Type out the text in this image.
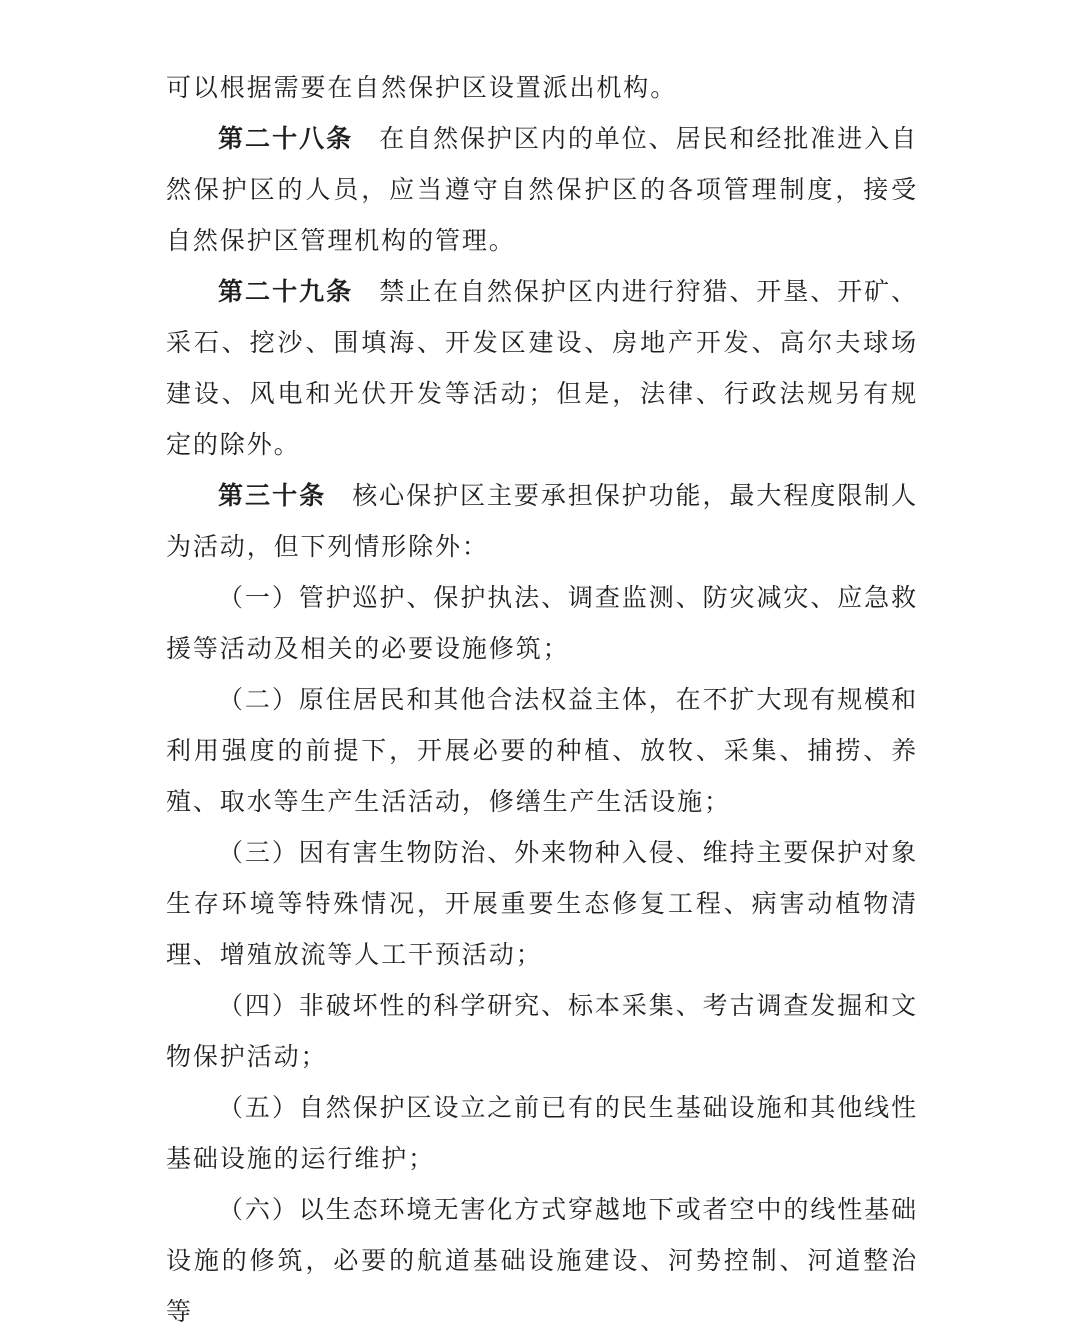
可以根据需要在自然保护区设置派出机构。

第二十八条 在自然保护区内的单位、居民和经批准进入自然保护区的人员，应当遵守自然保护区的各项管理制度，接受自然保护区管理机构的管理。

第二十九条 禁止在自然保护区内进行狩猎、开垦、开矿、采石、挖沙、围填海、开发区建设、房地产开发、高尔夫球场建设、风电和光伏开发等活动；但是，法律、行政法规另有规定的除外。

第三十条 核心保护区主要承担保护功能，最大程度限制人为活动，但下列情形除外：

（一）管护巡护、保护执法、调查监测、防灾减灾、应急救援等活动及相关的必要设施修筑；

（二）原住居民和其他合法权益主体，在不扩大现有规模和利用强度的前提下，开展必要的种植、放牧、采集、捕捞、养殖、取水等生产生活活动，修缮生产生活设施；

（三）因有害生物防治、外来物种入侵、维持主要保护对象生存环境等特殊情况，开展重要生态修复工程、病害动植物清理、增殖放流等人工干预活动；

（四）非破坏性的科学研究、标本采集、考古调查发掘和文物保护活动；

（五）自然保护区设立之前已有的民生基础设施和其他线性基础设施的运行维护；

（六）以生态环境无害化方式穿越地下或者空中的线性基础设施的修筑，必要的航道基础设施建设、河势控制、河道整治等
